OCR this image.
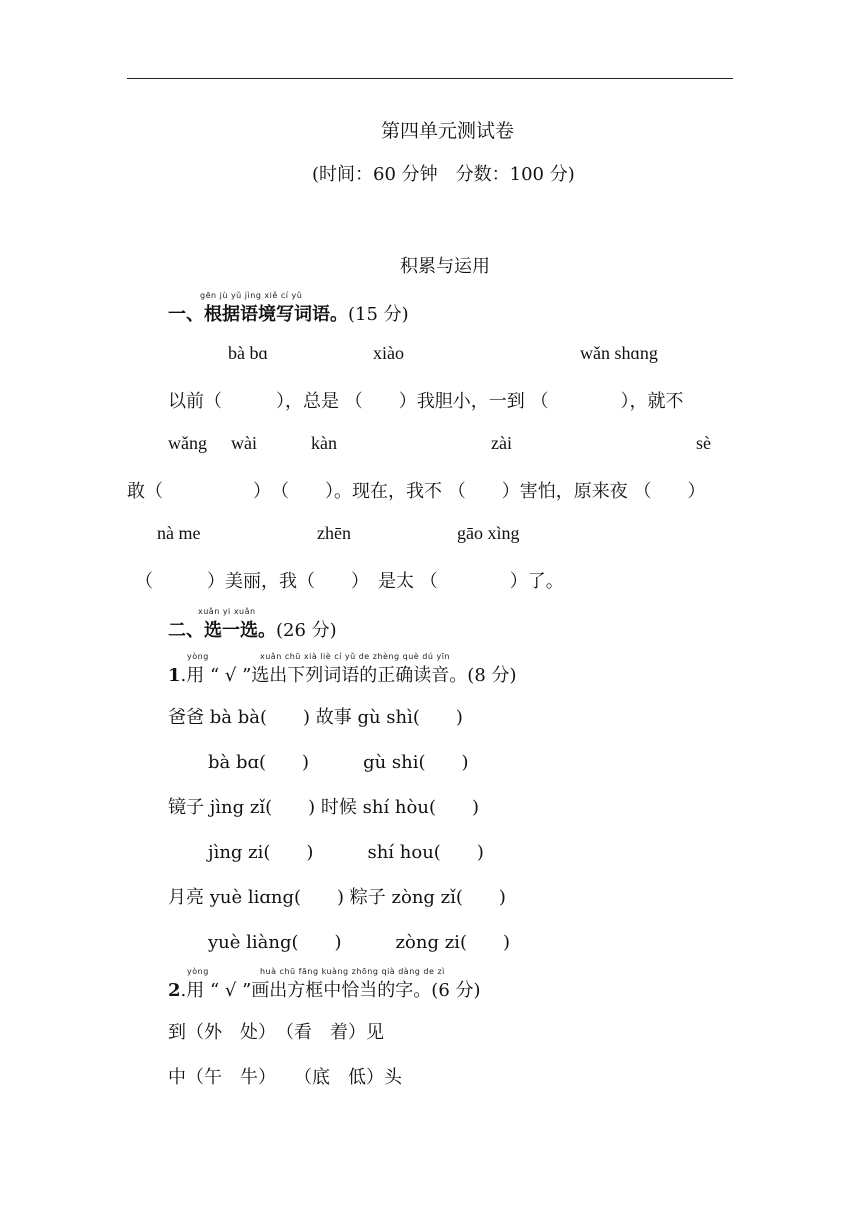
第四单元测试卷
(时间：60 分钟　分数：100 分)
积累与运用
gēn jù yǔ jìng xiě cí yǔ
一、根据语境写词语。(15 分)
bà bɑ	xiào	wǎn shɑng
以前（　　　），总是 （　　）我胆小，一到 （　　　　），就不
wǎng wài	kàn	zài	sè
敢（　　　　　）　（　　）。现在，我不 （　　）害怕，原来夜 （　　）
nà me	zhēn	gāo xìng
（　　　）美丽，我（　　）　是太 （　　　　）了。
xuǎn yi xuǎn
二、选一选。(26 分)
yòng	xuǎn chū xià liè cí yǔ de zhèng què dú yīn
1.用 “ √ ”选出下列词语的正确读音。(8 分)
爸爸 bà bà(　　) 故事 gù shì(　　)
bà bɑ(　　)　　　gù shi(　　)
镜子 jìng zǐ(　　) 时候 shí hòu(　　)
jìng zi(　　)　　　shí hou(　　)
月亮 yuè liɑng(　　) 粽子 zòng zǐ(　　)
yuè liàng(　　)　　　zòng zi(　　)
yòng	huà chū fāng kuàng zhōng qià dàng de zì
2.用 “ √ ”画出方框中恰当的字。(6 分)
到（外　处）　（看　着）见
中（午　牛）　　（底　低）头
